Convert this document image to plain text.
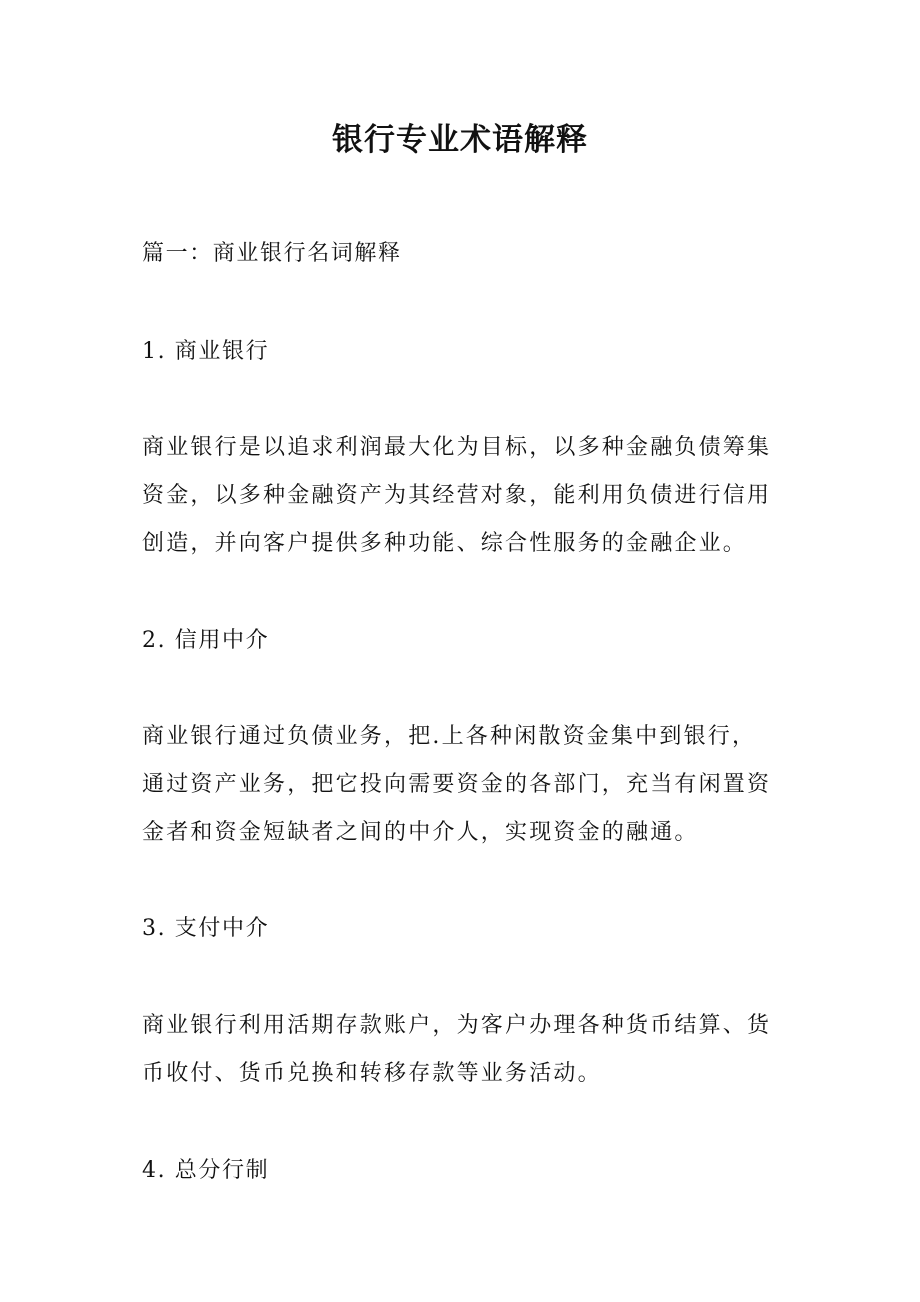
银行专业术语解释
篇一：商业银行名词解释
1. 商业银行
商业银行是以追求利润最大化为目标，以多种金融负债筹集
资金，以多种金融资产为其经营对象，能利用负债进行信用
创造，并向客户提供多种功能、综合性服务的金融企业。
2. 信用中介
商业银行通过负债业务，把.上各种闲散资金集中到银行，
通过资产业务，把它投向需要资金的各部门，充当有闲置资
金者和资金短缺者之间的中介人，实现资金的融通。
3. 支付中介
商业银行利用活期存款账户，为客户办理各种货币结算、货
币收付、货币兑换和转移存款等业务活动。
4. 总分行制
